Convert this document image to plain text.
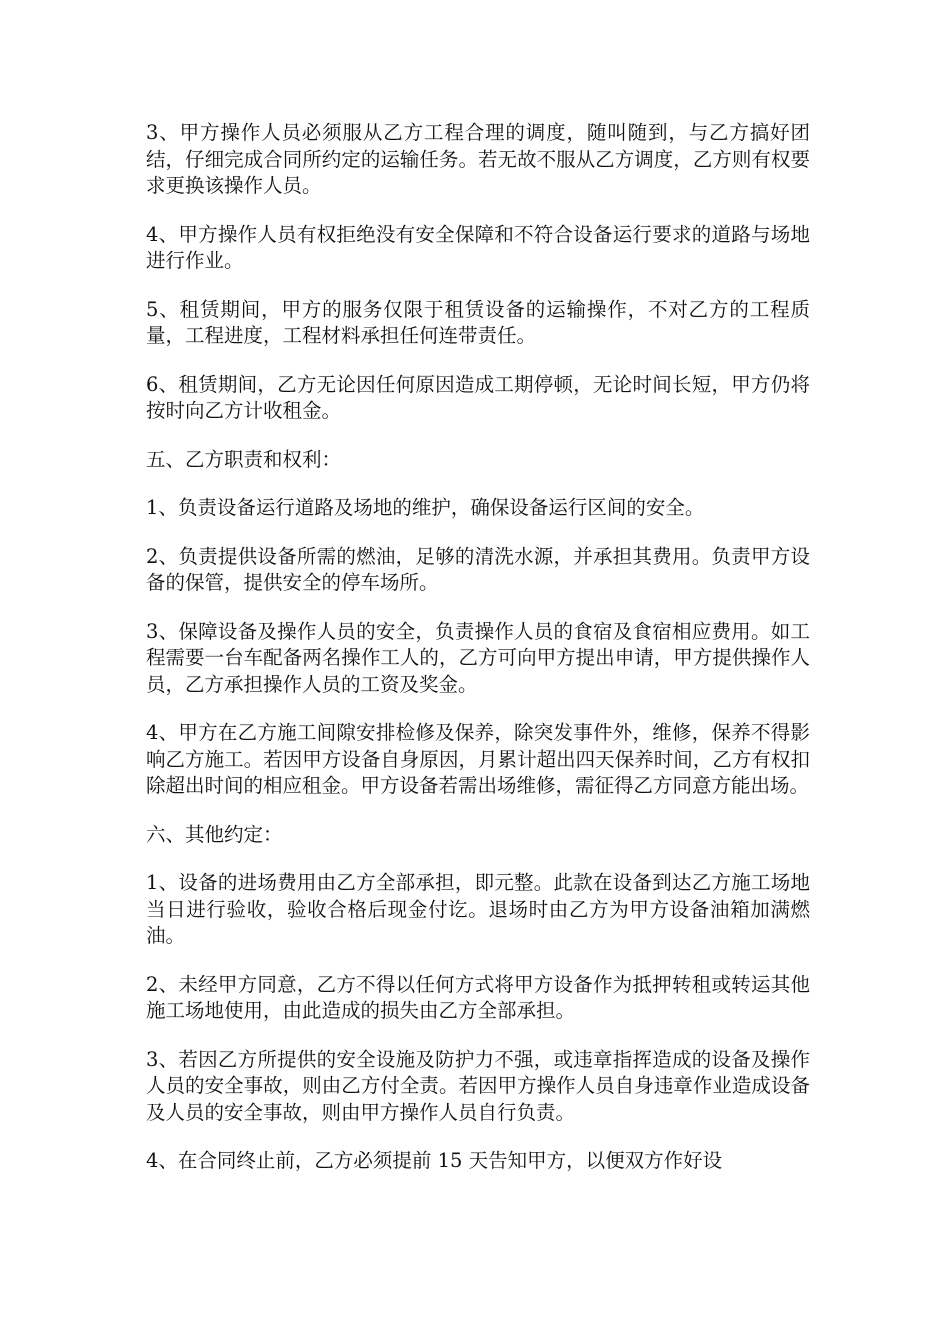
3、甲方操作人员必须服从乙方工程合理的调度，随叫随到，与乙方搞好团结，仔细完成合同所约定的运输任务。若无故不服从乙方调度，乙方则有权要求更换该操作人员。

4、甲方操作人员有权拒绝没有安全保障和不符合设备运行要求的道路与场地进行作业。

5、租赁期间，甲方的服务仅限于租赁设备的运输操作，不对乙方的工程质量，工程进度，工程材料承担任何连带责任。

6、租赁期间，乙方无论因任何原因造成工期停顿，无论时间长短，甲方仍将按时向乙方计收租金。

五、乙方职责和权利：

1、负责设备运行道路及场地的维护，确保设备运行区间的安全。

2、负责提供设备所需的燃油，足够的清洗水源，并承担其费用。负责甲方设备的保管，提供安全的停车场所。

3、保障设备及操作人员的安全，负责操作人员的食宿及食宿相应费用。如工程需要一台车配备两名操作工人的，乙方可向甲方提出申请，甲方提供操作人员，乙方承担操作人员的工资及奖金。

4、甲方在乙方施工间隙安排检修及保养，除突发事件外，维修，保养不得影响乙方施工。若因甲方设备自身原因，月累计超出四天保养时间，乙方有权扣除超出时间的相应租金。甲方设备若需出场维修，需征得乙方同意方能出场。

六、其他约定：

1、设备的进场费用由乙方全部承担，即元整。此款在设备到达乙方施工场地当日进行验收，验收合格后现金付讫。退场时由乙方为甲方设备油箱加满燃油。

2、未经甲方同意，乙方不得以任何方式将甲方设备作为抵押转租或转运其他施工场地使用，由此造成的损失由乙方全部承担。

3、若因乙方所提供的安全设施及防护力不强，或违章指挥造成的设备及操作人员的安全事故，则由乙方付全责。若因甲方操作人员自身违章作业造成设备及人员的安全事故，则由甲方操作人员自行负责。

4、在合同终止前，乙方必须提前 15 天告知甲方，以便双方作好设
